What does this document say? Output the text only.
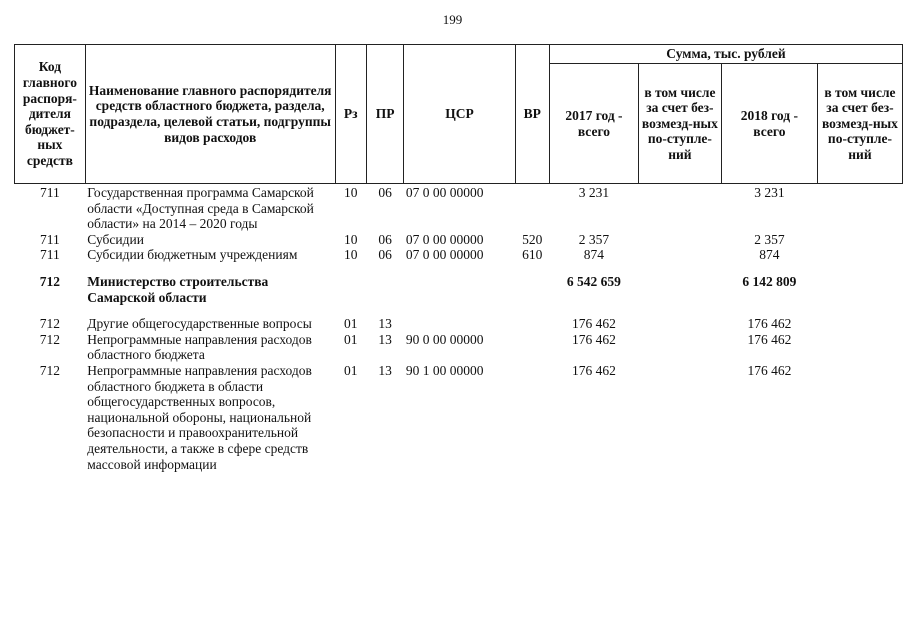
199
Код главного распоря-дителя бюджет-ных средств	Наименование главного распорядителя средств областного бюджета, раздела, подраздела, целевой статьи, подгруппы видов расходов	Рз	ПР	ЦСР	ВР	Сумма, тыс. рублей			
						2017 год - всего	в том числе за счет без-возмезд-ных по-ступле-ний	2018 год - всего	в том числе за счет без-возмезд-ных по-ступле-ний
711	Государственная программа Самарской области «Доступная среда в Самарской области» на 2014 – 2020 годы	10	06	07 0 00 00000		3 231		3 231	
711	Субсидии	10	06	07 0 00 00000	520	2 357		2 357	
711	Субсидии бюджетным учреждениям	10	06	07 0 00 00000	610	874		874	
712	Министерство строительства Самарской области					6 542 659		6 142 809	
712	Другие общегосударственные вопросы	01	13			176 462		176 462	
712	Непрограммные направления расходов областного бюджета	01	13	90 0 00 00000		176 462		176 462	
712	Непрограммные направления расходов областного бюджета в области общегосударственных вопросов, национальной обороны, национальной безопасности и правоохранительной деятельности, а также в сфере средств массовой информации	01	13	90 1 00 00000		176 462		176 462	
